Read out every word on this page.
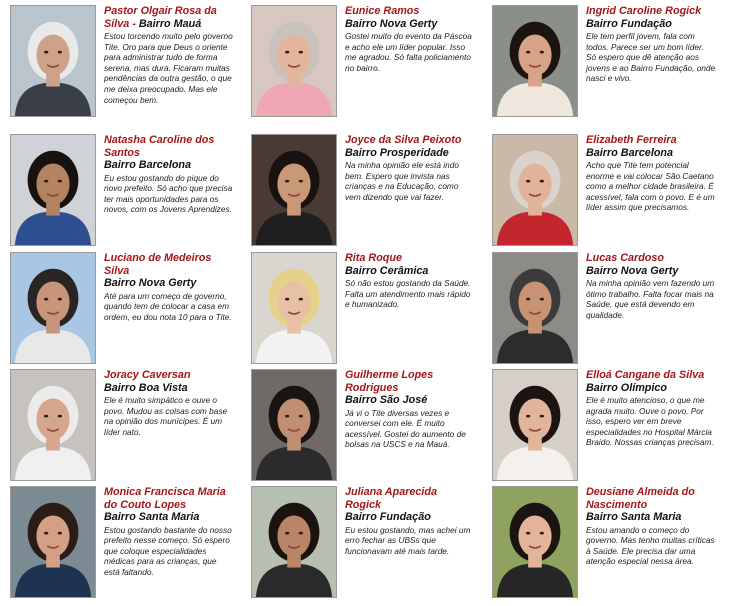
Pastor Olgair Rosa da Silva - Bairro Mauá
Estou torcendo muito pelo governo Tite. Oro para que Deus o oriente para administrar tudo de forma serena, mas dura. Ficaram muitas pendências da outra gestão, o que me deixa preocupado. Mas ele começou bem.
Eunice Ramos
Bairro Nova Gerty
Gostei muito do evento da Páscoa e acho ele um líder popular. Isso me agradou. Só falta policiamento no bairro.
Ingrid Caroline Rogick
Bairro Fundação
Ele tem perfil jovem, fala com todos. Parece ser um bom líder. Só espero que dê atenção aos jovens e ao Bairro Fundação, onde nasci e vivo.
Natasha Caroline dos Santos
Bairro Barcelona
Eu estou gostando do pique do novo prefeito. Só acho que precisa ter mais oportunidades para os novos, com os Jovens Aprendizes.
Joyce da Silva Peixoto
Bairro Prosperidade
Na minha opinião ele está indo bem. Espero que invista nas crianças e na Educação, como vem dizendo que vai fazer.
Elizabeth Ferreira
Bairro Barcelona
Acho que Tite tem potencial enorme e vai colocar São Caetano como a melhor cidade brasileira. É acessível, fala com o povo. E é um líder assim que precisamos.
Luciano de Medeiros Silva
Bairro Nova Gerty
Até para um começo de governo, quando tem de colocar a casa em ordem, eu dou nota 10 para o Tite.
Rita Roque
Bairro Cerâmica
Só não estou gostando da Saúde. Falta um atendimento mais rápido e humanizado.
Lucas Cardoso
Bairro Nova Gerty
Na minha opinião vem fazendo um ótimo trabalho. Falta focar mais na Saúde, que está devendo em qualidade.
Joracy Caversan
Bairro Boa Vista
Ele é muito simpático e ouve o povo. Mudou as coisas com base na opinião dos munícipes. É um líder nato.
Guilherme Lopes Rodrigues
Bairro São José
Já vi o Tite diversas vezes e conversei com ele. É muito acessível. Gostei do aumento de bolsas na USCS e na Mauá.
Elloá Cangane da Silva
Bairro Olímpico
Ele é muito atencioso, o que me agrada muito. Ouve o povo. Por isso, espero ver em breve especialidades no Hospital Márcia Braido. Nossas crianças precisam.
Monica Francisca Maria do Couto Lopes
Bairro Santa Maria
Estou gostando bastante do nosso prefeito nesse começo. Só espero que coloque especialidades médicas para as crianças, que está faltando.
Juliana Aparecida Rogick
Bairro Fundação
Eu estou gostando, mas achei um erro fechar as UBSs que funcionavam até mais tarde.
Deusiane Almeida do Nascimento
Bairro Santa Maria
Estou amando o começo do governo. Mas tenho muitas críticas à Saúde. Ele precisa dar uma atenção especial nessa área.
